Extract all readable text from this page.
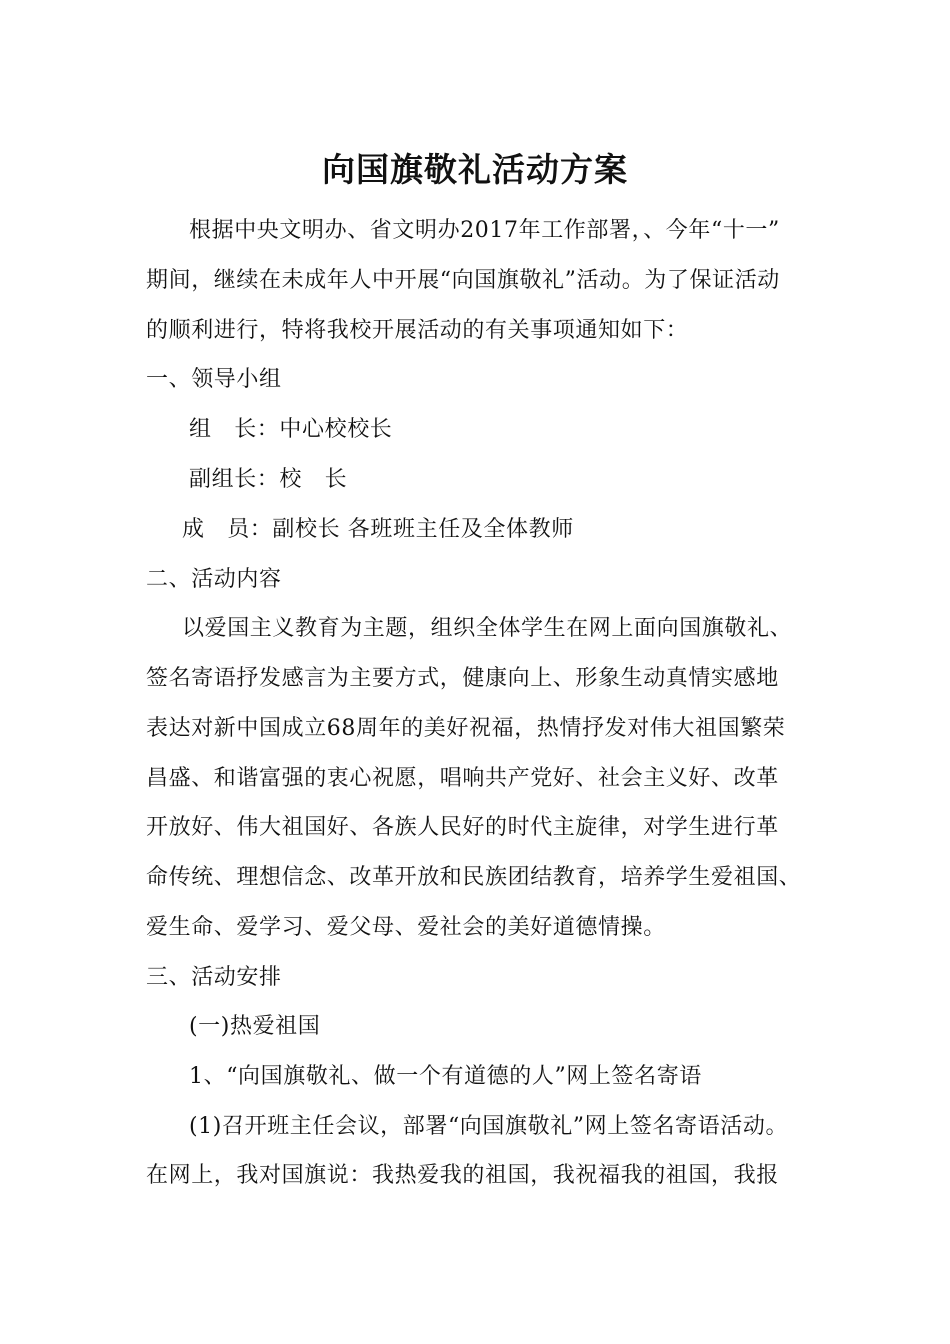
向国旗敬礼活动方案
根据中央文明办、省文明办2017年工作部署，、今年“十一”
期间，继续在未成年人中开展“向国旗敬礼”活动。为了保证活动
的顺利进行，特将我校开展活动的有关事项通知如下：
一、领导小组
组　长：中心校校长
副组长：校　长
成　员：副校长 各班班主任及全体教师
二、活动内容
以爱国主义教育为主题，组织全体学生在网上面向国旗敬礼、
签名寄语抒发感言为主要方式，健康向上、形象生动真情实感地
表达对新中国成立68周年的美好祝福，热情抒发对伟大祖国繁荣
昌盛、和谐富强的衷心祝愿，唱响共产党好、社会主义好、改革
开放好、伟大祖国好、各族人民好的时代主旋律，对学生进行革
命传统、理想信念、改革开放和民族团结教育，培养学生爱祖国、
爱生命、爱学习、爱父母、爱社会的美好道德情操。
三、活动安排
(一)热爱祖国
1、“向国旗敬礼、做一个有道德的人”网上签名寄语
(1)召开班主任会议，部署“向国旗敬礼”网上签名寄语活动。
在网上，我对国旗说：我热爱我的祖国，我祝福我的祖国，我报
